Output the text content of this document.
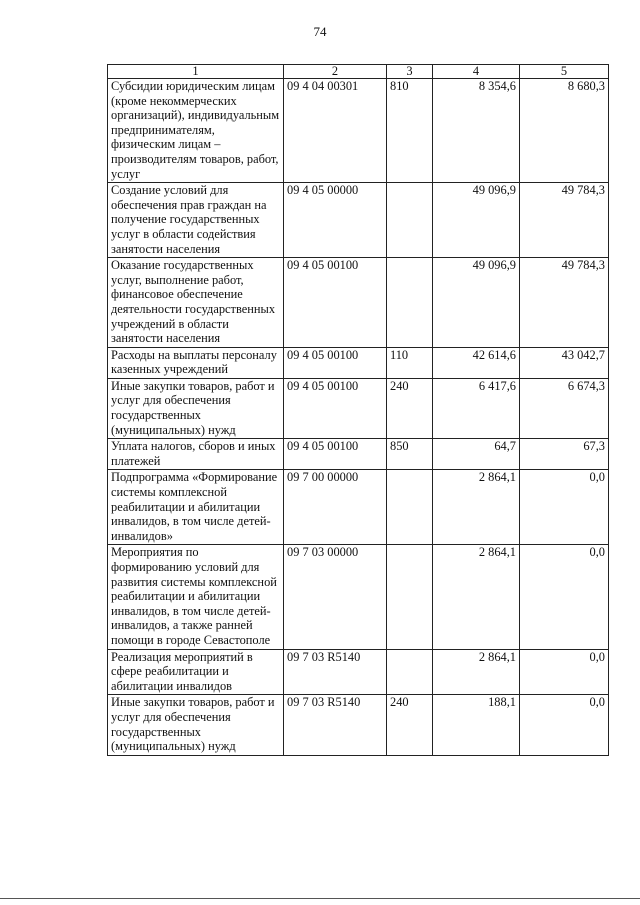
74
1	2	3	4	5
Субсидии юридическим лицам (кроме некоммерческих организаций), индивидуальным предпринимателям, физическим лицам – производителям товаров, работ, услуг	09 4 04 00301	810	8 354,6	8 680,3
Создание условий для обеспечения прав граждан на получение государственных услуг в области содействия занятости населения	09 4 05 00000		49 096,9	49 784,3
Оказание государственных услуг, выполнение работ, финансовое обеспечение деятельности государственных учреждений в области занятости населения	09 4 05 00100		49 096,9	49 784,3
Расходы на выплаты персоналу казенных учреждений	09 4 05 00100	110	42 614,6	43 042,7
Иные закупки товаров, работ и услуг для обеспечения государственных (муниципальных) нужд	09 4 05 00100	240	6 417,6	6 674,3
Уплата налогов, сборов и иных платежей	09 4 05 00100	850	64,7	67,3
Подпрограмма «Формирование системы комплексной реабилитации и абилитации инвалидов, в том числе детей-инвалидов»	09 7 00 00000		2 864,1	0,0
Мероприятия по формированию условий для развития системы комплексной реабилитации и абилитации инвалидов, в том числе детей-инвалидов, а также ранней помощи в городе Севастополе	09 7 03 00000		2 864,1	0,0
Реализация мероприятий в сфере реабилитации и абилитации инвалидов	09 7 03 R5140		2 864,1	0,0
Иные закупки товаров, работ и услуг для обеспечения государственных (муниципальных) нужд	09 7 03 R5140	240	188,1	0,0
